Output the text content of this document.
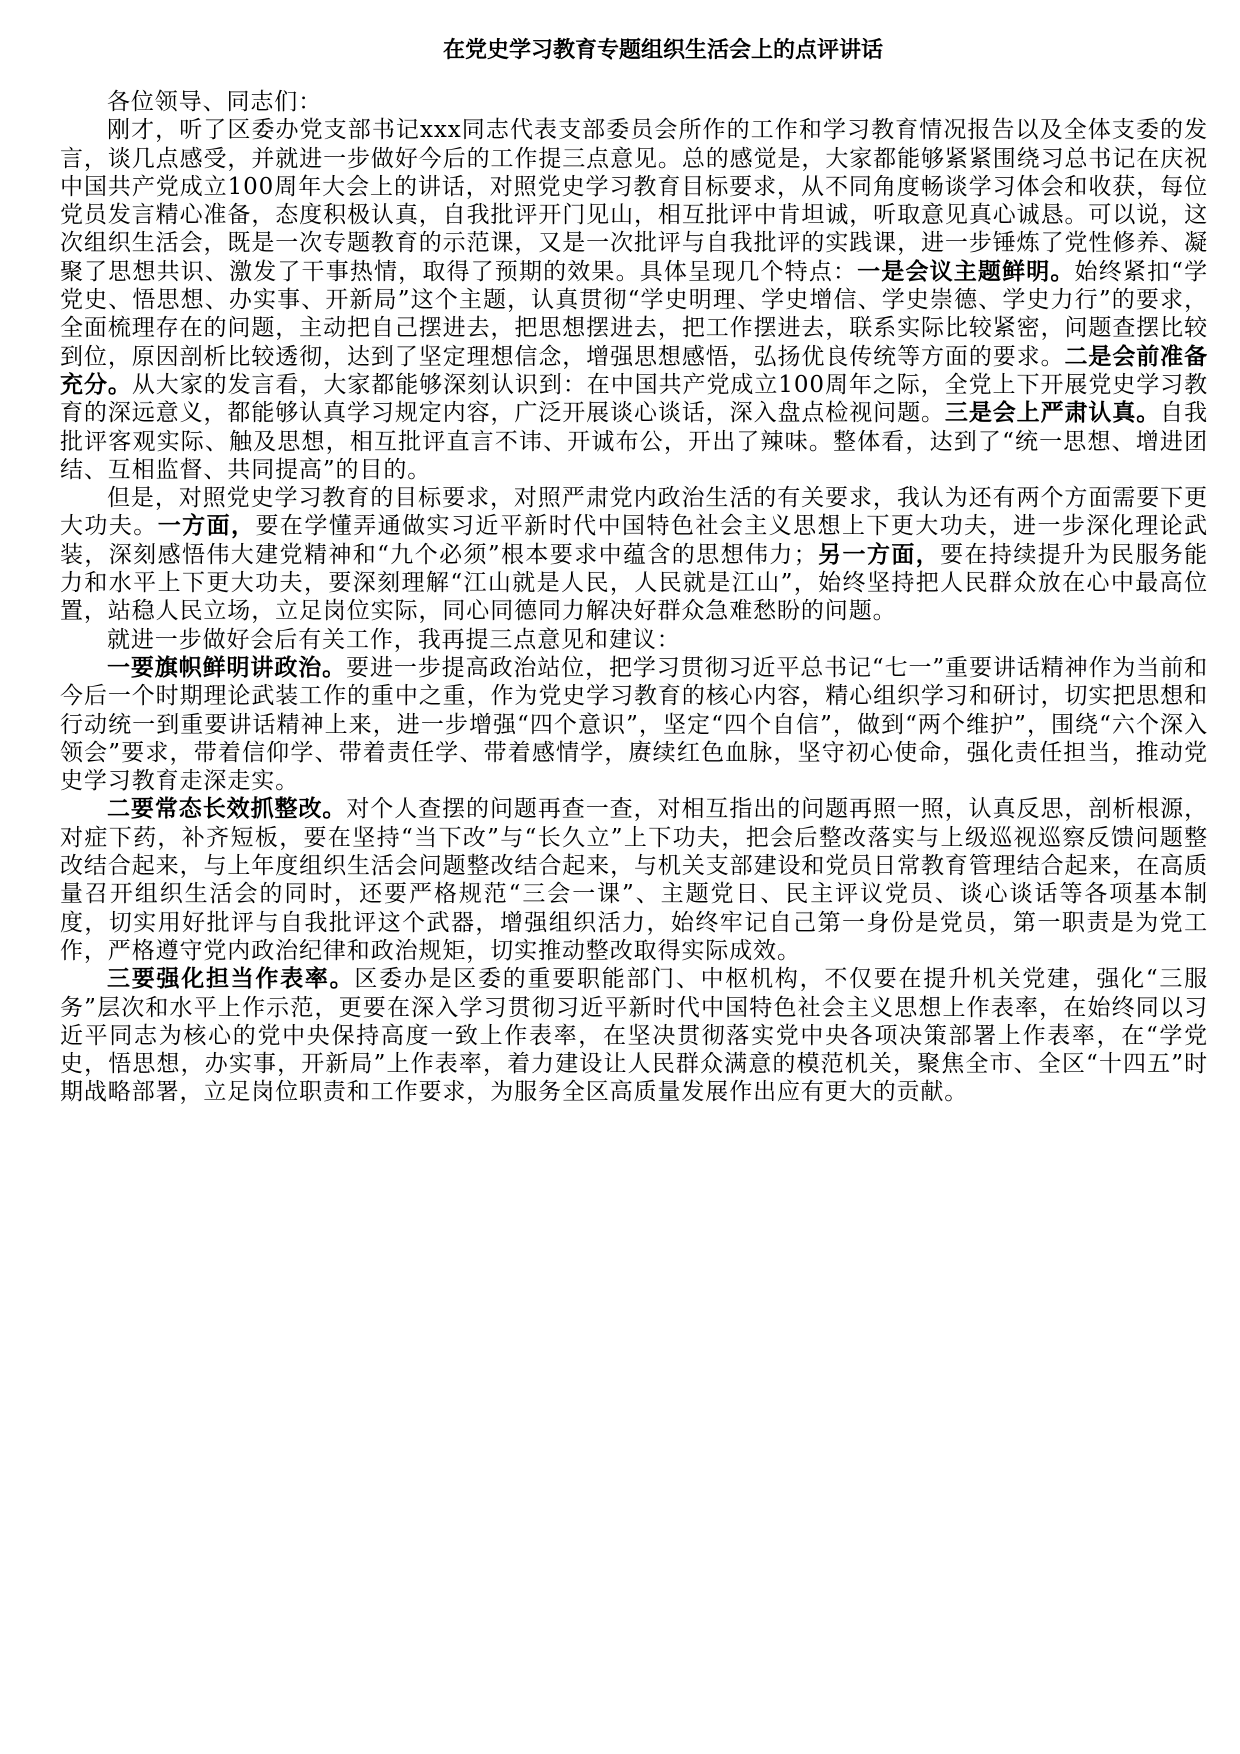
在党史学习教育专题组织生活会上的点评讲话

各位领导、同志们：

刚才，听了区委办党支部书记xxx同志代表支部委员会所作的工作和学习教育情况报告以及全体支委的发言，谈几点感受，并就进一步做好今后的工作提三点意见。总的感觉是，大家都能够紧紧围绕习总书记在庆祝中国共产党成立100周年大会上的讲话，对照党史学习教育目标要求，从不同角度畅谈学习体会和收获，每位党员发言精心准备，态度积极认真，自我批评开门见山，相互批评中肯坦诚，听取意见真心诚恳。可以说，这次组织生活会，既是一次专题教育的示范课，又是一次批评与自我批评的实践课，进一步锤炼了党性修养、凝聚了思想共识、激发了干事热情，取得了预期的效果。具体呈现几个特点：一是会议主题鲜明。始终紧扣“学党史、悟思想、办实事、开新局”这个主题，认真贯彻“学史明理、学史增信、学史崇德、学史力行”的要求，全面梳理存在的问题，主动把自己摆进去，把思想摆进去，把工作摆进去，联系实际比较紧密，问题查摆比较到位，原因剖析比较透彻，达到了坚定理想信念，增强思想感悟，弘扬优良传统等方面的要求。二是会前准备充分。从大家的发言看，大家都能够深刻认识到：在中国共产党成立100周年之际，全党上下开展党史学习教育的深远意义，都能够认真学习规定内容，广泛开展谈心谈话，深入盘点检视问题。三是会上严肃认真。自我批评客观实际、触及思想，相互批评直言不讳、开诚布公，开出了辣味。整体看，达到了“统一思想、增进团结、互相监督、共同提高”的目的。

但是，对照党史学习教育的目标要求，对照严肃党内政治生活的有关要求，我认为还有两个方面需要下更大功夫。一方面，要在学懂弄通做实习近平新时代中国特色社会主义思想上下更大功夫，进一步深化理论武装，深刻感悟伟大建党精神和“九个必须”根本要求中蕴含的思想伟力；另一方面，要在持续提升为民服务能力和水平上下更大功夫，要深刻理解“江山就是人民，人民就是江山”，始终坚持把人民群众放在心中最高位置，站稳人民立场，立足岗位实际，同心同德同力解决好群众急难愁盼的问题。

就进一步做好会后有关工作，我再提三点意见和建议：

一要旗帜鲜明讲政治。要进一步提高政治站位，把学习贯彻习近平总书记“七一”重要讲话精神作为当前和今后一个时期理论武装工作的重中之重，作为党史学习教育的核心内容，精心组织学习和研讨，切实把思想和行动统一到重要讲话精神上来，进一步增强“四个意识”，坚定“四个自信”，做到“两个维护”，围绕“六个深入领会”要求，带着信仰学、带着责任学、带着感情学，赓续红色血脉，坚守初心使命，强化责任担当，推动党史学习教育走深走实。

二要常态长效抓整改。对个人查摆的问题再查一查，对相互指出的问题再照一照，认真反思，剖析根源，对症下药，补齐短板，要在坚持“当下改”与“长久立”上下功夫，把会后整改落实与上级巡视巡察反馈问题整改结合起来，与上年度组织生活会问题整改结合起来，与机关支部建设和党员日常教育管理结合起来，在高质量召开组织生活会的同时，还要严格规范“三会一课”、主题党日、民主评议党员、谈心谈话等各项基本制度，切实用好批评与自我批评这个武器，增强组织活力，始终牢记自己第一身份是党员，第一职责是为党工作，严格遵守党内政治纪律和政治规矩，切实推动整改取得实际成效。

三要强化担当作表率。区委办是区委的重要职能部门、中枢机构，不仅要在提升机关党建，强化“三服务”层次和水平上作示范，更要在深入学习贯彻习近平新时代中国特色社会主义思想上作表率，在始终同以习近平同志为核心的党中央保持高度一致上作表率，在坚决贯彻落实党中央各项决策部署上作表率，在“学党史，悟思想，办实事，开新局”上作表率，着力建设让人民群众满意的模范机关，聚焦全市、全区“十四五”时期战略部署，立足岗位职责和工作要求，为服务全区高质量发展作出应有更大的贡献。
